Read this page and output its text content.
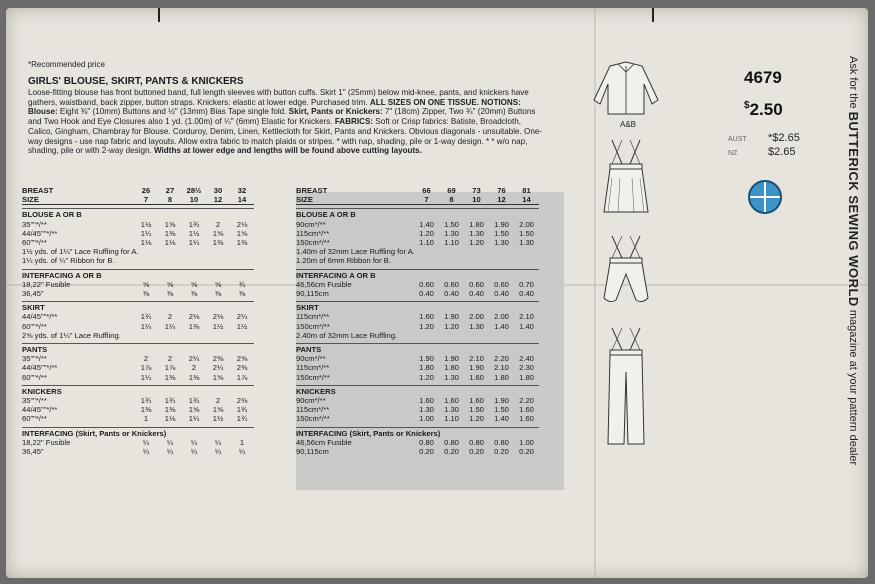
*Recommended price
GIRLS' BLOUSE, SKIRT, PANTS & KNICKERS
Loose-fitting blouse has front buttoned band, full length sleeves with button cuffs. Skirt 1" (25mm) below mid-knee, pants, and knickers have gathers, waistband, back zipper, button straps. Knickers: elastic at lower edge. Purchased trim. ALL SIZES ON ONE TISSUE. NOTIONS: Blouse: Eight ⅜" (10mm) Buttons and ½" (13mm) Bias Tape single fold. Skirt, Pants or Knickers: 7" (18cm) Zipper, Two ¾" (20mm) Buttons and Two Hook and Eye Closures also 1 yd. (1.00m) of ¼" (6mm) Elastic for Knickers. FABRICS: Soft or Crisp fabrics: Batiste, Broadcloth, Calico, Gingham, Chambray for Blouse. Corduroy, Denim, Linen, Kettlecloth for Skirt, Pants and Knickers. Obvious diagonals - unsuitable. One-way designs - use nap fabric and layouts. Allow extra fabric to match plaids or stripes. * with nap, shading, pile or 1-way design. * * w/o nap, shading, pile or with 2-way design. Widths at lower edge and lengths will be found above cutting layouts.
BREAST	26	27	28½	30	32
SIZE	7	8	10	12	14
BLOUSE A OR B
35""*/**	1½	1⅝	1¾	2	2⅛
44/45""*/**	1¼	1⅜	1½	1⅝	1⅝
60""*/**	1⅛	1⅛	1¼	1⅜	1⅜
1½ yds. of 1¼" Lace Ruffling for A.
1¼ yds. of ¼" Ribbon for B.
INTERFACING A OR B
18,22" Fusible	⅝	⅝	⅝	⅝	¾
36,45"	⅜	⅜	⅜	⅜	⅜
SKIRT
44/45""*/**	1¾	2	2⅛	2⅛	2¼
60""*/**	1¼	1¼	1⅜	1½	1½
2⅝ yds. of 1¼" Lace Ruffling.
PANTS
35""*/**	2	2	2¼	2⅜	2⅝
44/45""*/**	1⅞	1⅞	2	2¼	2⅜
60""*/**	1¼	1⅜	1⅜	1⅝	1⅞
KNICKERS
35""*/**	1¾	1¾	1¾	2	2⅜
44/45""*/**	1⅜	1⅜	1⅝	1⅝	1¾
60""*/**	1	1⅛	1¼	1½	1¾
INTERFACING (Skirt, Pants or Knickers)
18,22" Fusible	¼	¼	¼	¼	1
36,45"	¼	¼	¼	¼	¼
BREAST	66	69	73	76	81
SIZE	7	8	10	12	14
BLOUSE A OR B
90cm*/**	1.40	1.50	1.80	1.90	2.00
115cm*/**	1.20	1.30	1.30	1.50	1.50
150cm*/**	1.10	1.10	1.20	1.30	1.30
1.40m of 32mm Lace Ruffling for A.
1.20m of 6mm Ribbon for B.
INTERFACING A OR B
46,56cm Fusible	0.60	0.60	0.60	0.60	0.70
90,115cm	0.40	0.40	0.40	0.40	0.40
SKIRT
115cm*/**	1.60	1.90	2.00	2.00	2.10
150cm*/**	1.20	1.20	1.30	1.40	1.40
2.40m of 32mm Lace Ruffling.
PANTS
90cm*/**	1.90	1.90	2.10	2.20	2.40
115cm*/**	1.80	1.80	1.90	2.10	2.30
150cm*/**	1.20	1.30	1.60	1.80	1.80
KNICKERS
90cm*/**	1.60	1.60	1.60	1.90	2.20
115cm*/**	1.30	1.30	1.50	1.50	1.60
150cm*/**	1.00	1.10	1.20	1.40	1.60
INTERFACING (Skirt, Pants or Knickers)
46,56cm Fusible	0.80	0.80	0.80	0.80	1.00
90,115cm	0.20	0.20	0.20	0.20	0.20
A&B
4679
$2.50
AUST *$2.65
NZ	$2.65
Ask for the BUTTERICK SEWING WORLD magazine at your pattern dealer
